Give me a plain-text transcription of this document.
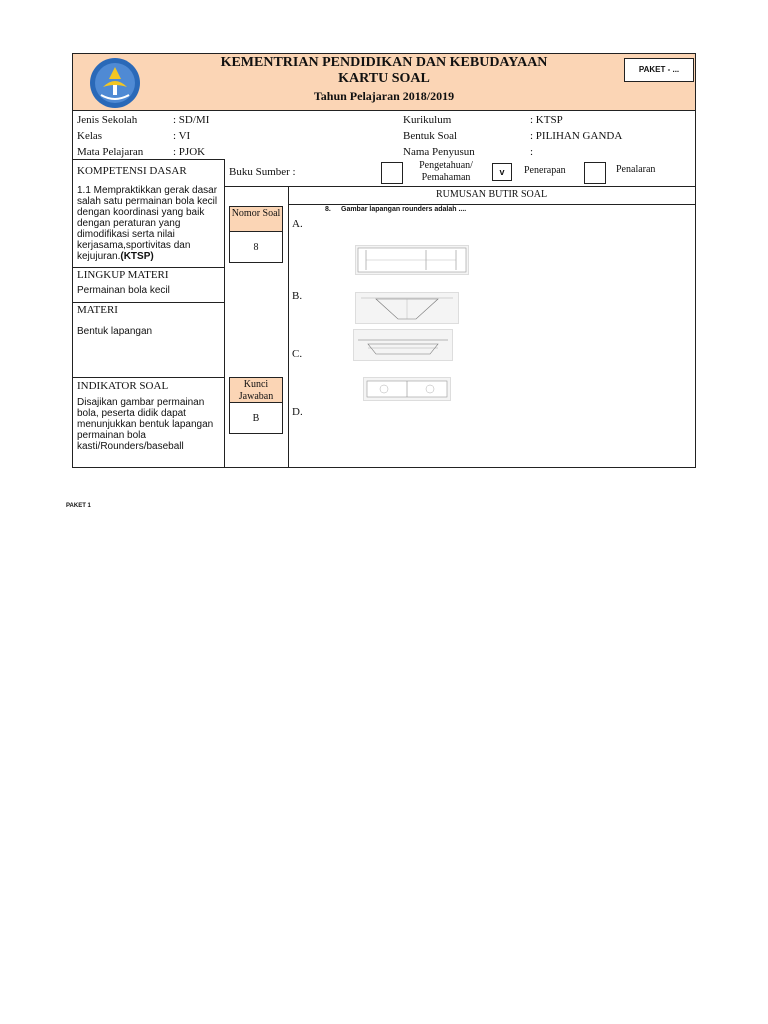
KEMENTRIAN PENDIDIKAN DAN KEBUDAYAAN
KARTU SOAL
Tahun Pelajaran 2018/2019
PAKET - ...
Jenis Sekolah	: SD/MI
Kelas	: VI
Mata Pelajaran	: PJOK
Kurikulum	: KTSP
Bentuk Soal	: PILIHAN GANDA
Nama Penyusun	:
KOMPETENSI DASAR
1.1 Mempraktikkan gerak dasar salah satu permainan bola kecil dengan koordinasi yang baik dengan peraturan yang dimodifikasi serta nilai kerjasama,sportivitas dan kejujuran.(KTSP)
LINGKUP MATERI
Permainan bola kecil
MATERI
Bentuk lapangan
INDIKATOR SOAL
Disajikan gambar permainan bola, peserta didik dapat menunjukkan bentuk lapangan permainan bola kasti/Rounders/baseball
Buku Sumber :
Nomor Soal
8
Kunci Jawaban
B
Pengetahuan/ Pemahaman	v	Penerapan	Penalaran
RUMUSAN BUTIR SOAL
8. Gambar lapangan rounders adalah ....
A.
B.
C.
D.
PAKET 1
